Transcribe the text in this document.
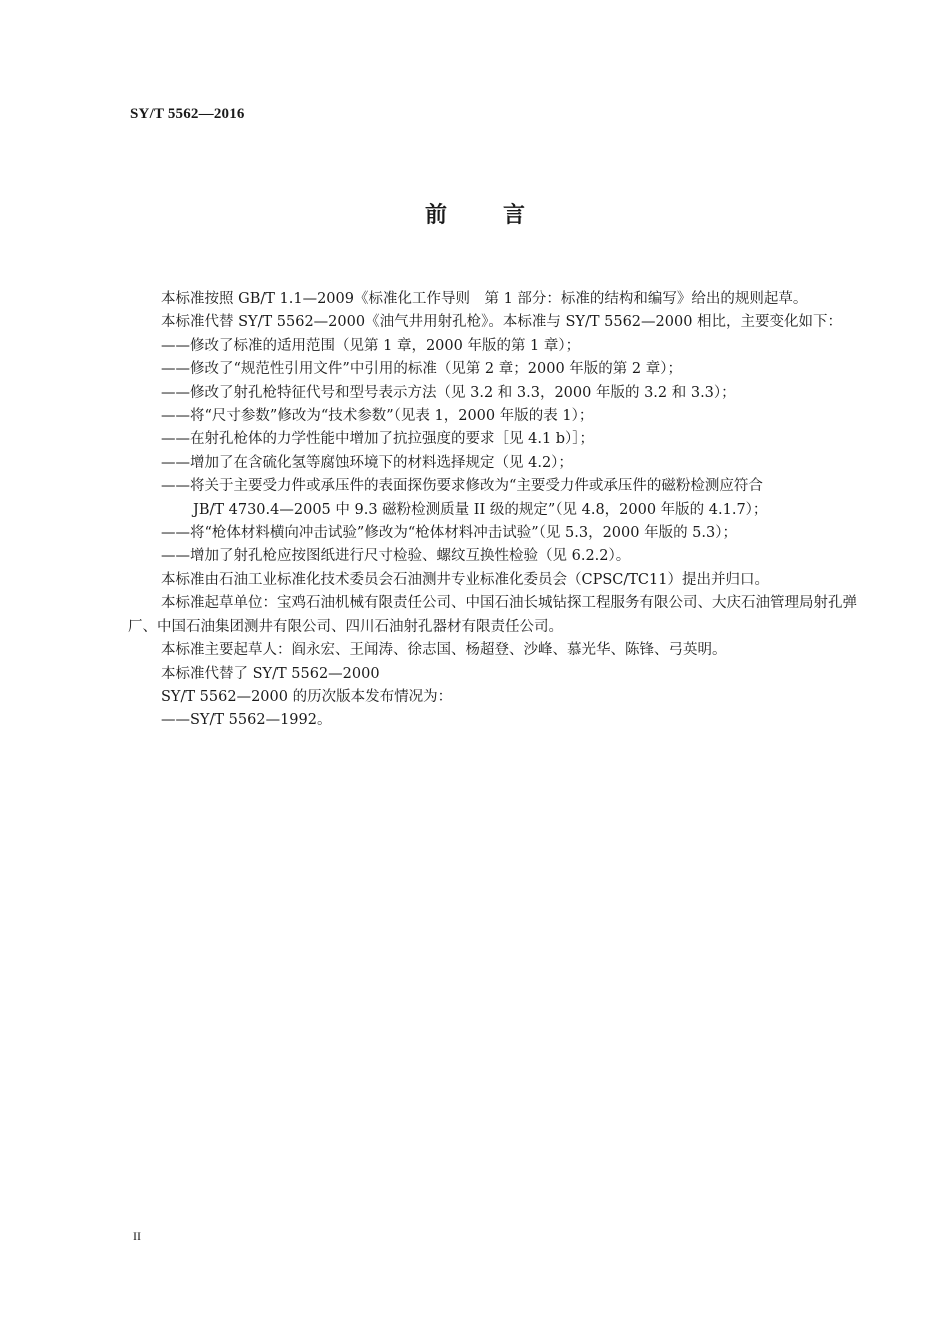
SY/T 5562—2016
前言

本标准按照 GB/T 1.1—2009《标准化工作导则　第 1 部分：标准的结构和编写》给出的规则起草。

本标准代替 SY/T 5562—2000《油气井用射孔枪》。本标准与 SY/T 5562—2000 相比，主要变化如下：

——修改了标准的适用范围（见第 1 章，2000 年版的第 1 章）；

——修改了“规范性引用文件”中引用的标准（见第 2 章；2000 年版的第 2 章）；

——修改了射孔枪特征代号和型号表示方法（见 3.2 和 3.3，2000 年版的 3.2 和 3.3）；

——将“尺寸参数”修改为“技术参数”（见表 1，2000 年版的表 1）；

——在射孔枪体的力学性能中增加了抗拉强度的要求［见 4.1 b）］；

——增加了在含硫化氢等腐蚀环境下的材料选择规定（见 4.2）；

——将关于主要受力件或承压件的表面探伤要求修改为“主要受力件或承压件的磁粉检测应符合

JB/T 4730.4—2005 中 9.3 磁粉检测质量 II 级的规定”（见 4.8，2000 年版的 4.1.7）；

——将“枪体材料横向冲击试验”修改为“枪体材料冲击试验”（见 5.3，2000 年版的 5.3）；

——增加了射孔枪应按图纸进行尺寸检验、螺纹互换性检验（见 6.2.2）。

本标准由石油工业标准化技术委员会石油测井专业标准化委员会（CPSC/TC11）提出并归口。

本标准起草单位：宝鸡石油机械有限责任公司、中国石油长城钻探工程服务有限公司、大庆石油管理局射孔弹厂、中国石油集团测井有限公司、四川石油射孔器材有限责任公司。

本标准主要起草人：阎永宏、王闻涛、徐志国、杨超登、沙峰、慕光华、陈锋、弓英明。

本标准代替了 SY/T 5562—2000

SY/T 5562—2000 的历次版本发布情况为：

——SY/T 5562—1992。

II
